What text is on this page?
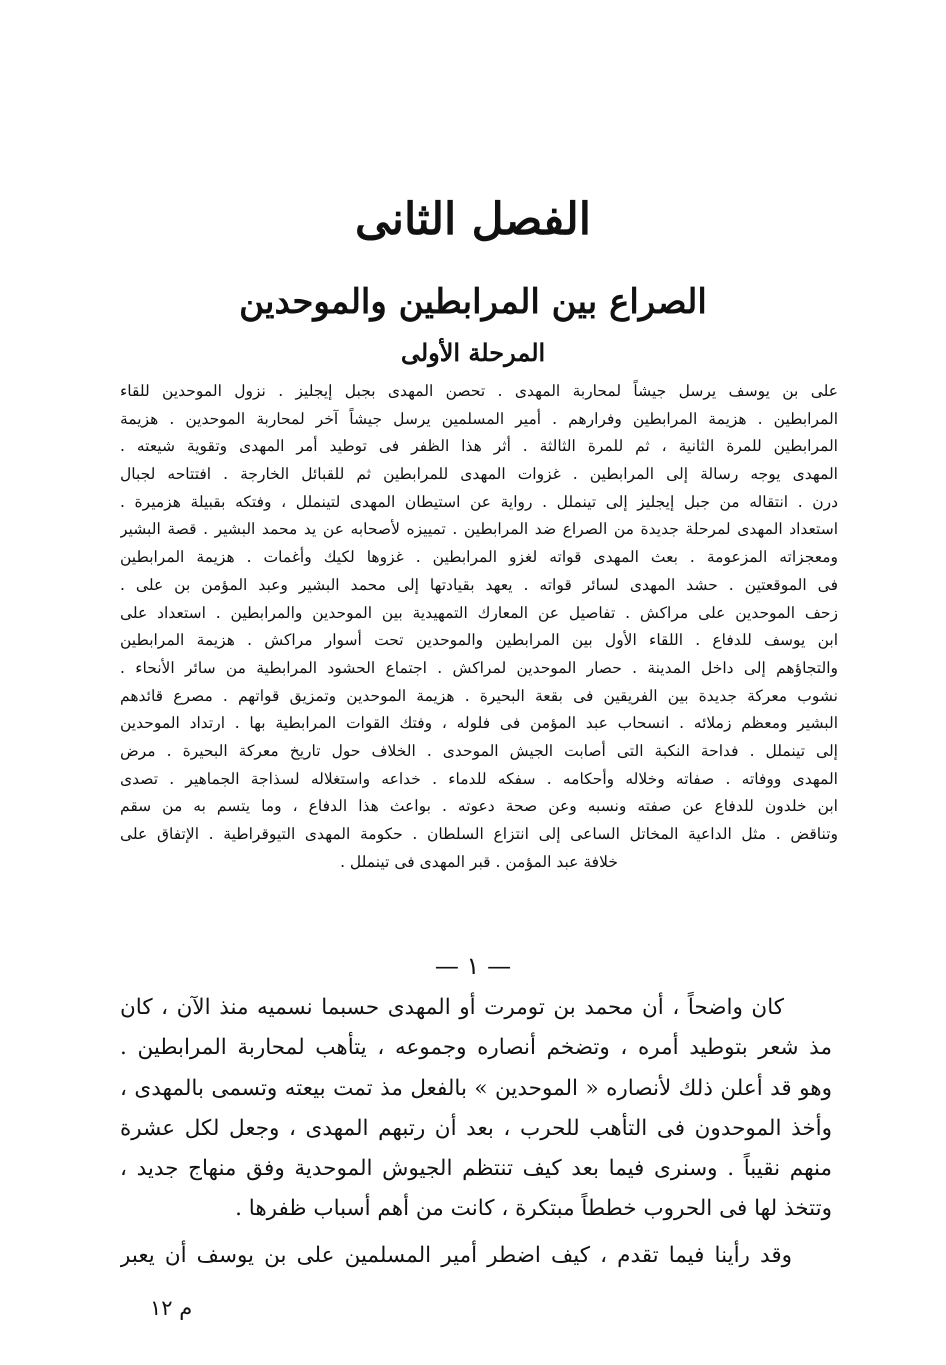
الفصل الثانى
الصراع بين المرابطين والموحدين
المرحلة الأولى
على بن يوسف يرسل جيشاً لمحاربة المهدى . تحصن المهدى بجبل إيجليز . نزول الموحدين للقاء
المرابطين . هزيمة المرابطين وفرارهم . أمير المسلمين يرسل جيشاً آخر لمحاربة الموحدين . هزيمة
المرابطين للمرة الثانية ، ثم للمرة الثالثة . أثر هذا الظفر فى توطيد أمر المهدى وتقوية شيعته .
المهدى يوجه رسالة إلى المرابطين . غزوات المهدى للمرابطين ثم للقبائل الخارجة . افتتاحه لجبال
درن . انتقاله من جبل إيجليز إلى تينملل . رواية عن استيطان المهدى لتينملل ، وفتكه بقبيلة هزميرة .
استعداد المهدى لمرحلة جديدة من الصراع ضد المرابطين . تمييزه لأصحابه عن يد محمد البشير . قصة البشير
ومعجزاته المزعومة . بعث المهدى قواته لغزو المرابطين . غزوها لكيك وأغمات . هزيمة المرابطين
فى الموقعتين . حشد المهدى لسائر قواته . يعهد بقيادتها إلى محمد البشير وعبد المؤمن بن على .
زحف الموحدين على مراكش . تفاصيل عن المعارك التمهيدية بين الموحدين والمرابطين . استعداد على
ابن يوسف للدفاع . اللقاء الأول بين المرابطين والموحدين تحت أسوار مراكش . هزيمة المرابطين
والتجاؤهم إلى داخل المدينة . حصار الموحدين لمراكش . اجتماع الحشود المرابطية من سائر الأنحاء .
نشوب معركة جديدة بين الفريقين فى بقعة البحيرة . هزيمة الموحدين وتمزيق قواتهم . مصرع قائدهم
البشير ومعظم زملائه . انسحاب عبد المؤمن فى فلوله ، وفتك القوات المرابطية بها . ارتداد الموحدين
إلى تينملل . فداحة النكبة التى أصابت الجيش الموحدى . الخلاف حول تاريخ معركة البحيرة . مرض
المهدى ووفاته . صفاته وخلاله وأحكامه . سفكه للدماء . خداعه واستغلاله لسذاجة الجماهير . تصدى
ابن خلدون للدفاع عن صفته ونسبه وعن صحة دعوته . بواعث هذا الدفاع ، وما يتسم به من سقم
وتناقض . مثل الداعية المخاتل الساعى إلى انتزاع السلطان . حكومة المهدى التيوقراطية . الإتفاق على
خلافة عبد المؤمن . قبر المهدى فى تينملل .
— ١ —
كان واضحاً ، أن محمد بن تومرت أو المهدى حسبما نسميه منذ الآن ، كان
مذ شعر بتوطيد أمره ، وتضخم أنصاره وجموعه ، يتأهب لمحاربة المرابطين .
وهو قد أعلن ذلك لأنصاره « الموحدين » بالفعل مذ تمت بيعته وتسمى بالمهدى ،
وأخذ الموحدون فى التأهب للحرب ، بعد أن رتبهم المهدى ، وجعل لكل عشرة
منهم نقيباً . وسنرى فيما بعد كيف تنتظم الجيوش الموحدية وفق منهاج جديد ،
وتتخذ لها فى الحروب خططاً مبتكرة ، كانت من أهم أسباب ظفرها .
وقد رأينا فيما تقدم ، كيف اضطر أمير المسلمين على بن يوسف أن يعبر
م ١٢
